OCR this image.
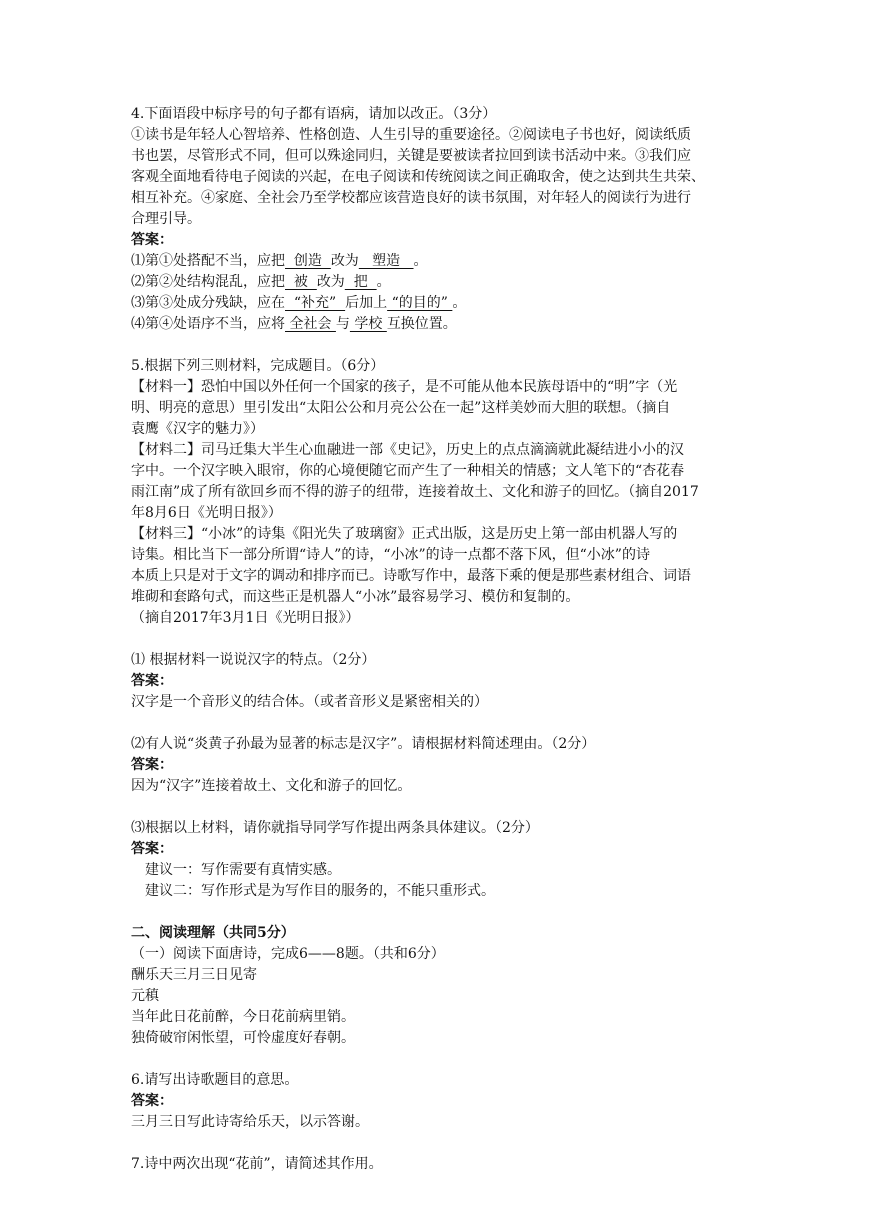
4.下面语段中标序号的句子都有语病，请加以改正。（3分）
①读书是年轻人心智培养、性格创造、人生引导的重要途径。②阅读电子书也好，阅读纸质
书也罢，尽管形式不同，但可以殊途同归，关键是要被读者拉回到读书活动中来。③我们应
客观全面地看待电子阅读的兴起，在电子阅读和传统阅读之间正确取舍，使之达到共生共荣、
相互补充。④家庭、全社会乃至学校都应该营造良好的读书氛围，对年轻人的阅读行为进行
合理引导。
答案：
⑴第①处搭配不当，应把  创造  改为   塑造   。
⑵第②处结构混乱，应把  被  改为  把  。
⑶第③处成分残缺，应在  “补充”  后加上 “的目的” 。
⑷第④处语序不当，应将 全社会 与 学校 互换位置。
5.根据下列三则材料，完成题目。（6分）
【材料一】恐怕中国以外任何一个国家的孩子，是不可能从他本民族母语中的“明”字（光
明、明亮的意思）里引发出“太阳公公和月亮公公在一起”这样美妙而大胆的联想。（摘自
袁鹰《汉字的魅力》）
【材料二】司马迁集大半生心血融进一部《史记》，历史上的点点滴滴就此凝结进小小的汉
字中。一个汉字映入眼帘，你的心境便随它而产生了一种相关的情感；文人笔下的“杏花春
雨江南”成了所有欲回乡而不得的游子的纽带，连接着故土、文化和游子的回忆。（摘自2017
年8月6日《光明日报》）
【材料三】“小冰”的诗集《阳光失了玻璃窗》正式出版，这是历史上第一部由机器人写的
诗集。相比当下一部分所谓“诗人”的诗，“小冰”的诗一点都不落下风，但“小冰”的诗
本质上只是对于文字的调动和排序而已。诗歌写作中，最落下乘的便是那些素材组合、词语
堆砌和套路句式，而这些正是机器人“小冰”最容易学习、模仿和复制的。
（摘自2017年3月1日《光明日报》）
⑴ 根据材料一说说汉字的特点。（2分）
答案：
汉字是一个音形义的结合体。（或者音形义是紧密相关的）
⑵有人说“炎黄子孙最为显著的标志是汉字”。请根据材料简述理由。（2分）
答案：
因为“汉字”连接着故土、文化和游子的回忆。
⑶根据以上材料，请你就指导同学写作提出两条具体建议。（2分）
答案：
建议一：写作需要有真情实感。
建议二：写作形式是为写作目的服务的，不能只重形式。
二、阅读理解（共同5分）
（一）阅读下面唐诗，完成6——8题。（共和6分）
酬乐天三月三日见寄
元稹
当年此日花前醉，今日花前病里销。
独倚破帘闲怅望，可怜虚度好春朝。
6.请写出诗歌题目的意思。
答案：
三月三日写此诗寄给乐天，以示答谢。
7.诗中两次出现“花前”，请简述其作用。
